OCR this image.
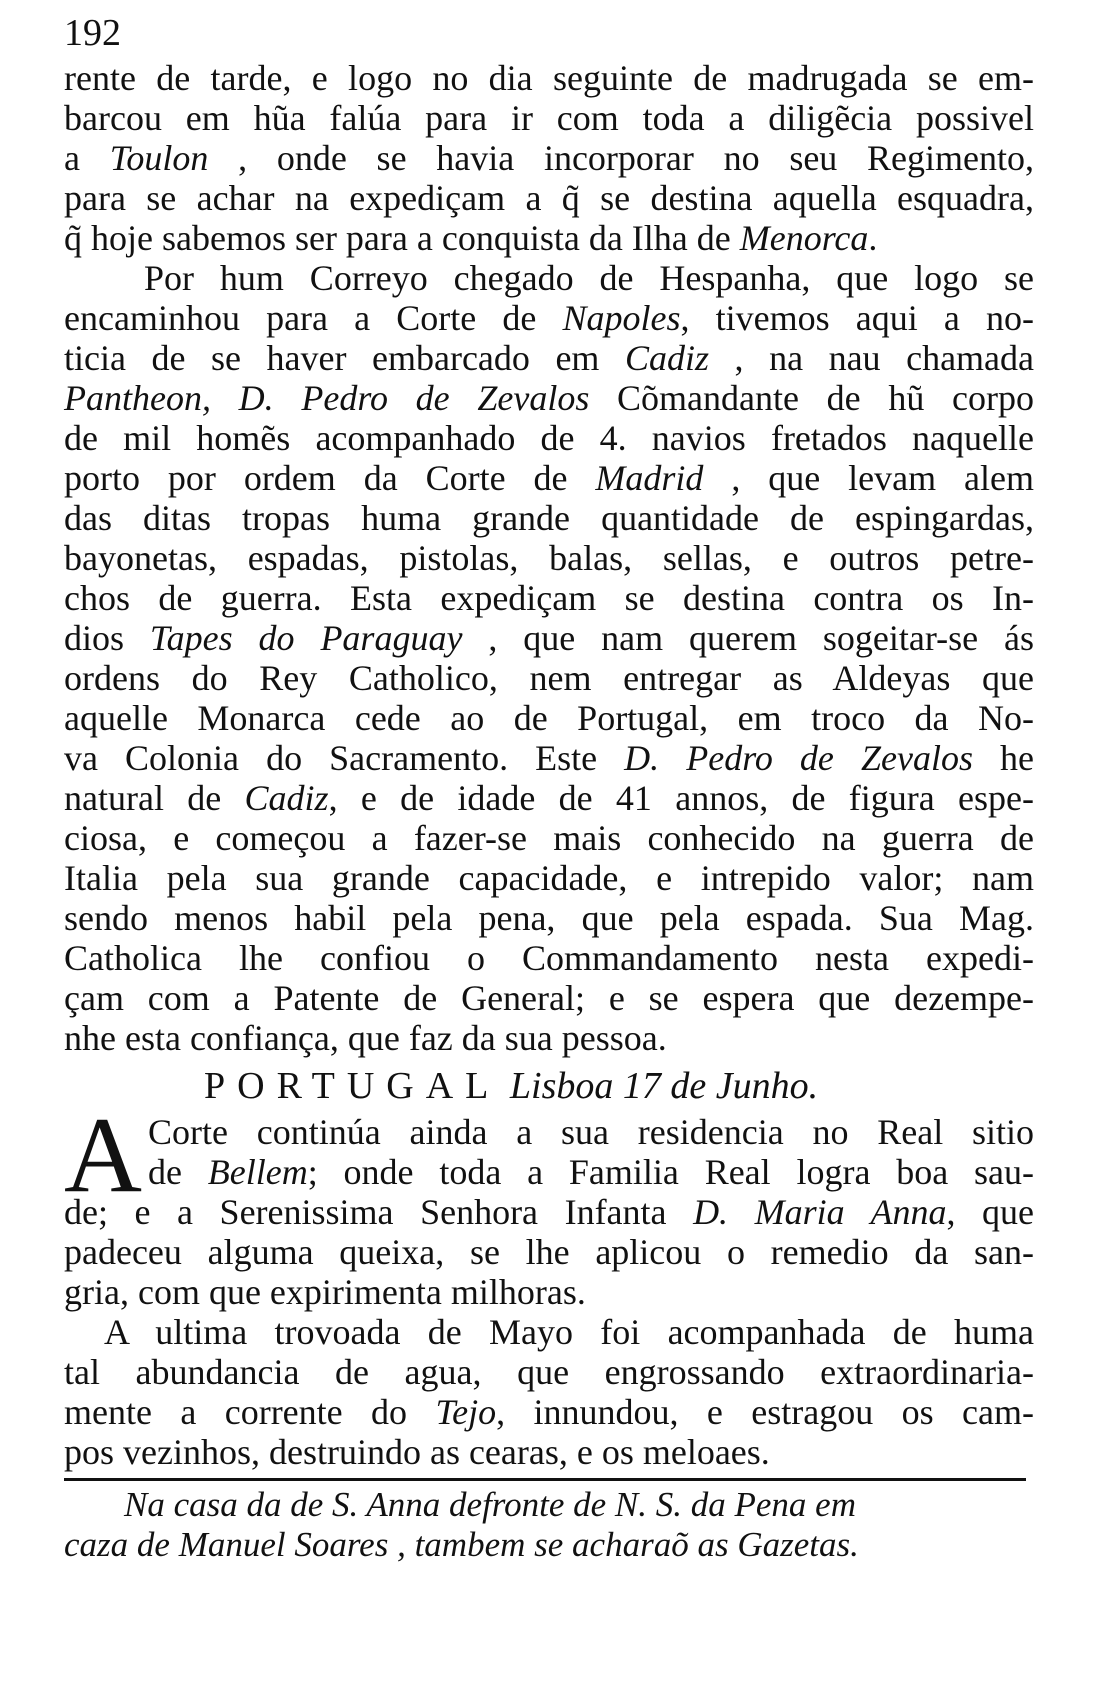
192
rente de tarde, e logo no dia seguinte de madrugada se em-
barcou em hũa falúa para ir com toda a diligẽcia possivel
a Toulon , onde se havia incorporar no seu Regimento,
para se achar na expediçam a q̃ se destina aquella esquadra,
q̃ hoje sabemos ser para a conquista da Ilha de Menorca.
Por hum Correyo chegado de Hespanha, que logo se
encaminhou para a Corte de Napoles, tivemos aqui a no-
ticia de se haver embarcado em Cadiz , na nau chamada
Pantheon, D. Pedro de Zevalos Cõmandante de hũ corpo
de mil homẽs acompanhado de 4. navios fretados naquelle
porto por ordem da Corte de Madrid , que levam alem
das ditas tropas huma grande quantidade de espingardas,
bayonetas, espadas, pistolas, balas, sellas, e outros petre-
chos de guerra. Esta expediçam se destina contra os In-
dios Tapes do Paraguay , que nam querem sogeitar-se ás
ordens do Rey Catholico, nem entregar as Aldeyas que
aquelle Monarca cede ao de Portugal, em troco da No-
va Colonia do Sacramento. Este D. Pedro de Zevalos he
natural de Cadiz, e de idade de 41 annos, de figura espe-
ciosa, e começou a fazer-se mais conhecido na guerra de
Italia pela sua grande capacidade, e intrepido valor; nam
sendo menos habil pela pena, que pela espada. Sua Mag.
Catholica lhe confiou o Commandamento nesta expedi-
çam com a Patente de General; e se espera que dezempe-
nhe esta confiança, que faz da sua pessoa.
PORTUGAL Lisboa 17 de Junho.
A Corte continúa ainda a sua residencia no Real sitio
de Bellem; onde toda a Familia Real logra boa sau-
de; e a Serenissima Senhora Infanta D. Maria Anna, que
padeceu alguma queixa, se lhe aplicou o remedio da san-
gria, com que expirimenta milhoras.
A ultima trovoada de Mayo foi acompanhada de huma
tal abundancia de agua, que engrossando extraordinaria-
mente a corrente do Tejo, innundou, e estragou os cam-
pos vezinhos, destruindo as cearas, e os meloaes.
Na casa da de S. Anna defronte de N. S. da Pena em
caza de Manuel Soares , tambem se acharaõ as Gazetas.
